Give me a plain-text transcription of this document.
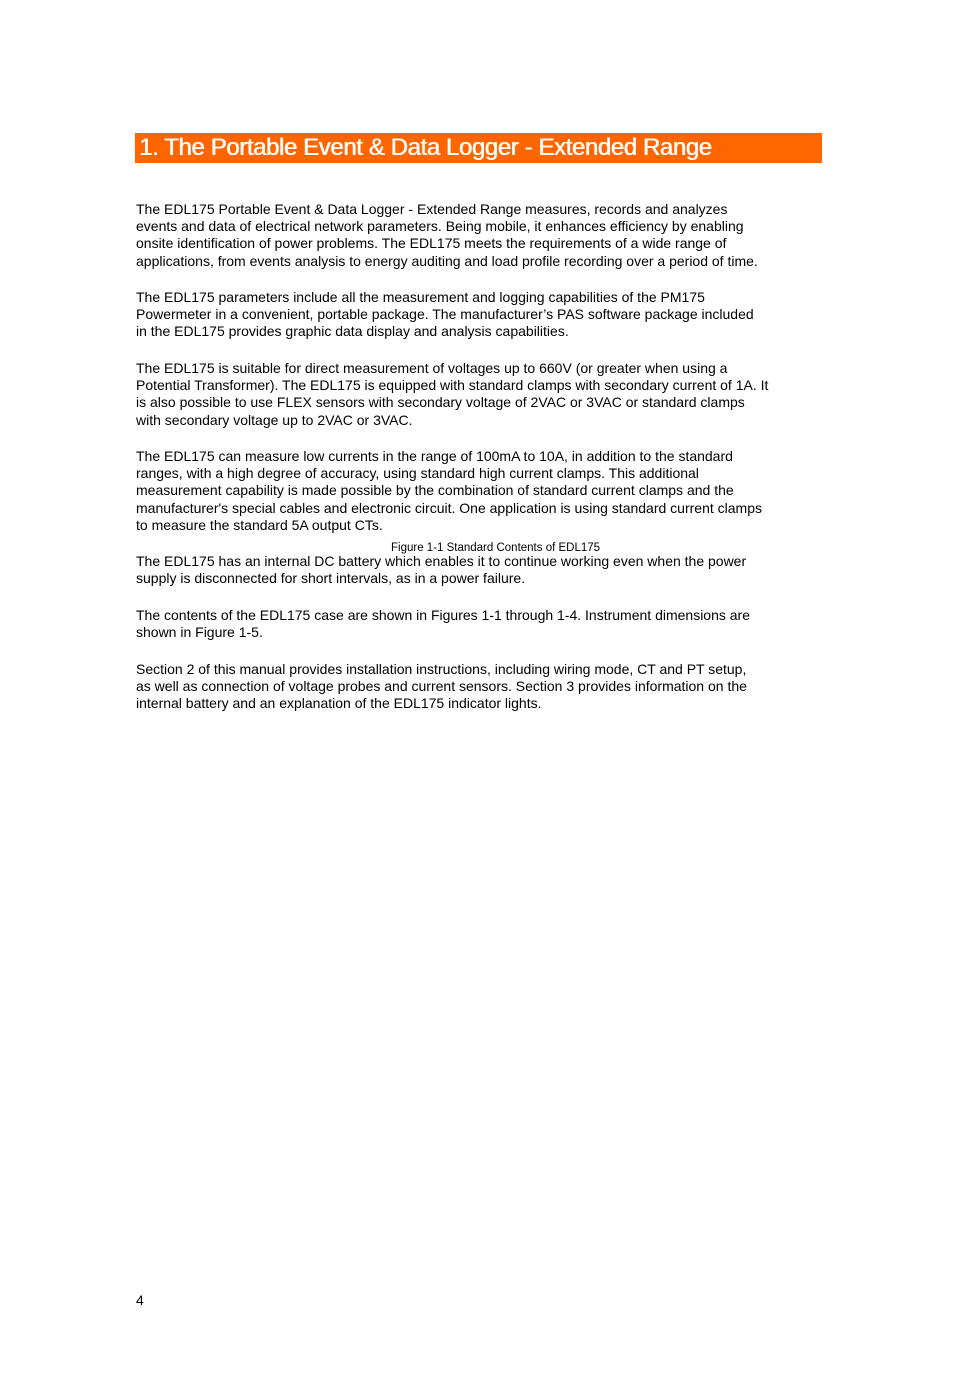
1. The Portable Event & Data Logger - Extended Range

The EDL175 Portable Event & Data Logger - Extended Range measures, records and analyzes
events and data of electrical network parameters. Being mobile, it enhances efficiency by enabling
onsite identification of power problems. The EDL175 meets the requirements of a wide range of
applications, from events analysis to energy auditing and load profile recording over a period of time.

The EDL175 parameters include all the measurement and logging capabilities of the PM175
Powermeter in a convenient, portable package. The manufacturer’s PAS software package included
in the EDL175 provides graphic data display and analysis capabilities.

The EDL175 is suitable for direct measurement of voltages up to 660V (or greater when using a
Potential Transformer). The EDL175 is equipped with standard clamps with secondary current of 1A. It
is also possible to use FLEX sensors with secondary voltage of 2VAC or 3VAC or standard clamps
with secondary voltage up to 2VAC or 3VAC.

The EDL175 can measure low currents in the range of 100mA to 10A, in addition to the standard
ranges, with a high degree of accuracy, using standard high current clamps. This additional
measurement capability is made possible by the combination of standard current clamps and the
manufacturer's special cables and electronic circuit. One application is using standard current clamps
to measure the standard 5A output CTs.

Figure 1-1 Standard Contents of EDL175

The EDL175 has an internal DC battery which enables it to continue working even when the power
supply is disconnected for short intervals, as in a power failure.

The contents of the EDL175 case are shown in Figures 1-1 through 1-4. Instrument dimensions are
shown in Figure 1-5.

Section 2 of this manual provides installation instructions, including wiring mode, CT and PT setup,
as well as connection of voltage probes and current sensors. Section 3 provides information on the
internal battery and an explanation of the EDL175 indicator lights.

4
